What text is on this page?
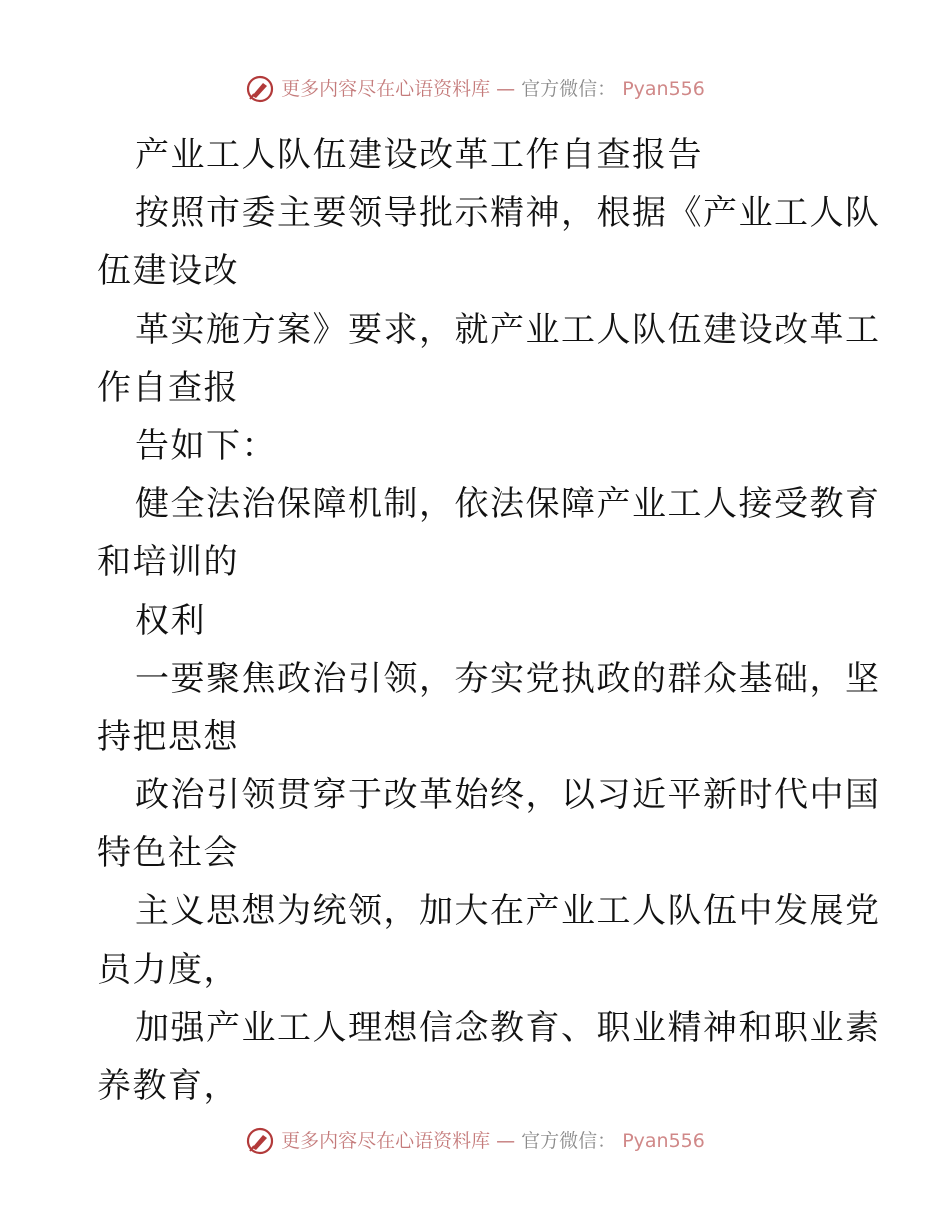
更多内容尽在心语资料库 — 官方微信： Pyan556
产业工人队伍建设改革工作自查报告
按照市委主要领导批示精神，根据《产业工人队
伍建设改
革实施方案》要求，就产业工人队伍建设改革工
作自查报
告如下：
健全法治保障机制，依法保障产业工人接受教育
和培训的
权利
一要聚焦政治引领，夯实党执政的群众基础，坚
持把思想
政治引领贯穿于改革始终，以习近平新时代中国
特色社会
主义思想为统领，加大在产业工人队伍中发展党
员力度，
加强产业工人理想信念教育、职业精神和职业素
养教育，
更多内容尽在心语资料库 — 官方微信： Pyan556
